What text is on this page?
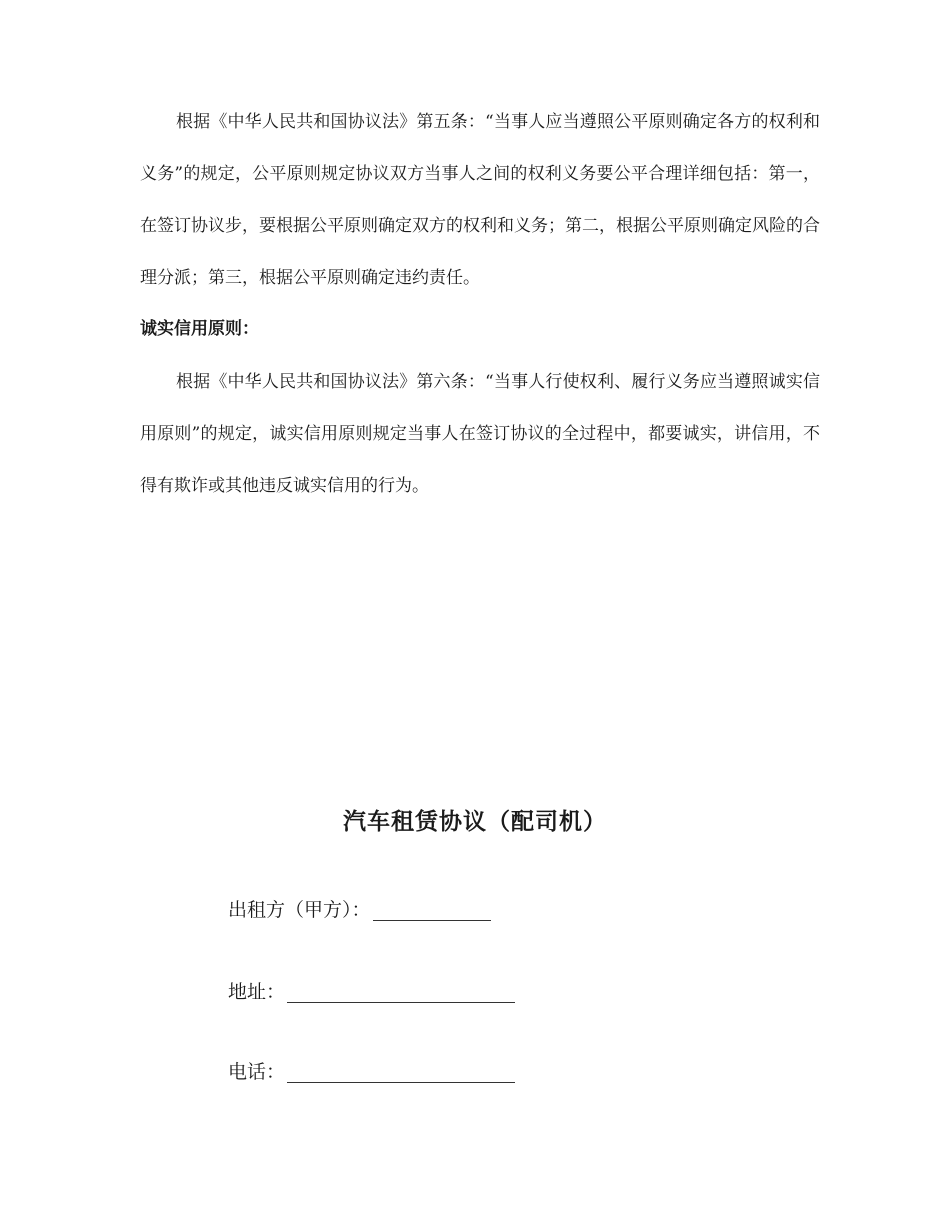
根据《中华人民共和国协议法》第五条：“当事人应当遵照公平原则确定各方的权利和义务”的规定，公平原则规定协议双方当事人之间的权利义务要公平合理详细包括：第一，在签订协议步，要根据公平原则确定双方的权利和义务；第二，根据公平原则确定风险的合理分派；第三，根据公平原则确定违约责任。

诚实信用原则：

根据《中华人民共和国协议法》第六条：“当事人行使权利、履行义务应当遵照诚实信用原则”的规定，诚实信用原则规定当事人在签订协议的全过程中，都要诚实，讲信用，不得有欺诈或其他违反诚实信用的行为。

汽车租赁协议（配司机）
出租方（甲方）：
地址：
电话：
